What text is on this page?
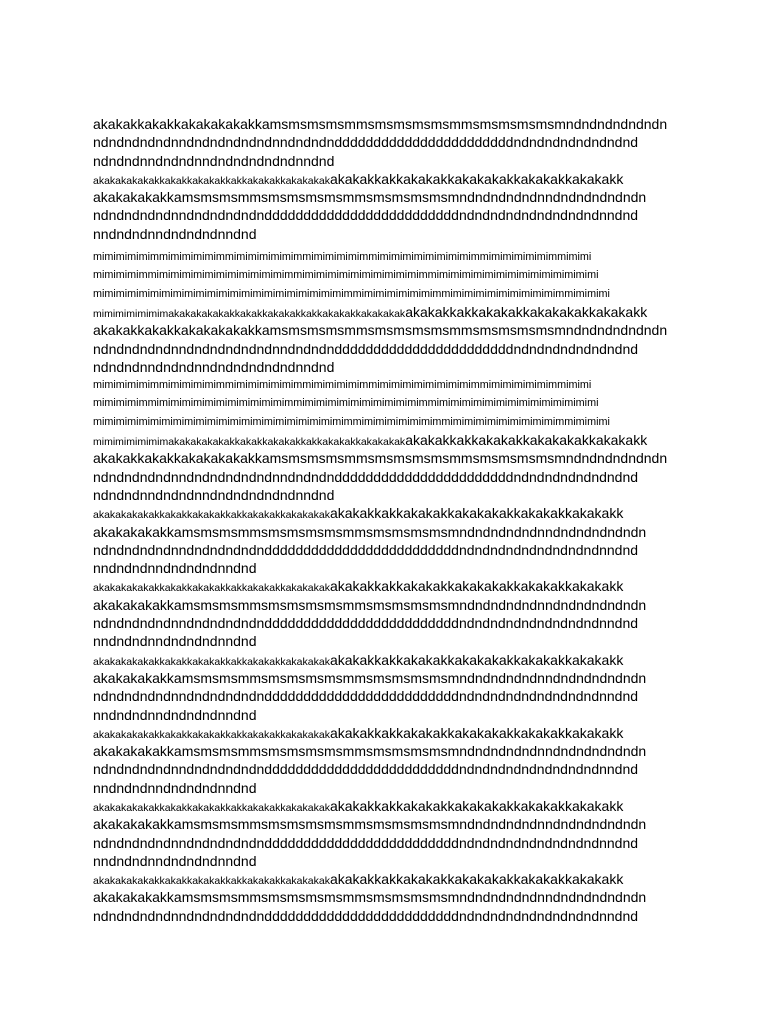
akakakkakakkakakakakakkamsmsmsmsmmsmsmsmsmsmmsmsmsmsmsmndndndndndndn
ndndndndndnndndndndndndnndndndndddddddddddddddddddddddndndndndndndndnd
ndndndnndndndnndndndndndndnndnd
akakakakakakkakakkakakakkakkakakakkakakakakakakakkakkakakakkakakakakkakakakkakakakk
akakakakakkamsmsmsmmsmsmsmsmsmmsmsmsmsmsmndndndndndnndndndndndndn
ndndndndndnndndndndndndddddddddddddddddddddddddndndndndndndndndndnndnd
nndndndnndndndndnndnd
mimimimimimmimimimimimmimimimimimimmimimimimimmimimimimimimimimimmimimimimimimmimimi
mimimimimmimimimimimimimimimimimimmimimimimimimimimimimimmimimimimimimimimimimimimimimi
mimimimimimimimimimimimimimimimimimimimimimimmimimimimimimimmimimimimimimimimimimmimimimi
mimimimimimimakakakakakakkakakkakakakkakkakakakkakakakakakakakkakkakakakkakakakakkakakakk
akakakkakakkakakakakakkamsmsmsmsmmsmsmsmsmsmmsmsmsmsmsmndndndndndndn
ndndndndndnndndndndndndnndndndndddddddddddddddddddddddndndndndndndndnd
ndndndnndndndnndndndndndndnndnd
mimimimimimmimimimimimmimimimimimimmimimimimimmimimimimimimimimimmimimimimimimmimimi
mimimimimmimimimimimimimimimimimimmimimimimimimimimimimimmimimimimimimimimimimimimimimi
mimimimimimimimimimimimimimimimimimimimimimimmimimimimimimimmimimimimimimimimimimmimimimi
mimimimimimimakakakakakakkakakkakakakkakkakakakkakakakakakakakkakkakakakkakakakakkakakakk
akakakkakakkakakakakakkamsmsmsmsmmsmsmsmsmsmmsmsmsmsmsmndndndndndndn
ndndndndndnndndndndndndnndndndndddddddddddddddddddddddndndndndndndndnd
ndndndnndndndnndndndndndndnndnd
akakakakakakkakakkakakakkakkakakakkakakakakakakakkakkakakakkakakakakkakakakkakakakk
akakakakakkamsmsmsmmsmsmsmsmsmmsmsmsmsmsmndndndndndnndndndndndndn
ndndndndndnndndndndndndddddddddddddddddddddddddndndndndndndndndndnndnd
nndndndnndndndndnndnd
akakakakakakkakakkakakakkakkakakakkakakakakakakakkakkakakakkakakakakkakakakkakakakk
akakakakakkamsmsmsmmsmsmsmsmsmmsmsmsmsmsmndndndndndnndndndndndndn
ndndndndndnndndndndndndddddddddddddddddddddddddndndndndndndndndndnndnd
nndndndnndndndndnndnd
akakakakakakkakakkakakakkakkakakakkakakakakakakakkakkakakakkakakakakkakakakkakakakk
akakakakakkamsmsmsmmsmsmsmsmsmmsmsmsmsmsmndndndndndnndndndndndndn
ndndndndndnndndndndndndddddddddddddddddddddddddndndndndndndndndndnndnd
nndndndnndndndndnndnd
akakakakakakkakakkakakakkakkakakakkakakakakakakakkakkakakakkakakakakkakakakkakakakk
akakakakakkamsmsmsmmsmsmsmsmsmmsmsmsmsmsmndndndndndnndndndndndndn
ndndndndndnndndndndndndddddddddddddddddddddddddndndndndndndndndndnndnd
nndndndnndndndndnndnd
akakakakakakkakakkakakakkakkakakakkakakakakakakakkakkakakakkakakakakkakakakkakakakk
akakakakakkamsmsmsmmsmsmsmsmsmmsmsmsmsmsmndndndndndnndndndndndndn
ndndndndndnndndndndndndddddddddddddddddddddddddndndndndndndndndndnndnd
nndndndnndndndndnndnd
akakakakakakkakakkakakakkakkakakakkakakakakakakakkakkakakakkakakakakkakakakkakakakk
akakakakakkamsmsmsmmsmsmsmsmsmmsmsmsmsmsmndndndndndnndndndndndndn
ndndndndndnndndndndndndddddddddddddddddddddddddndndndndndndndndndnndnd
